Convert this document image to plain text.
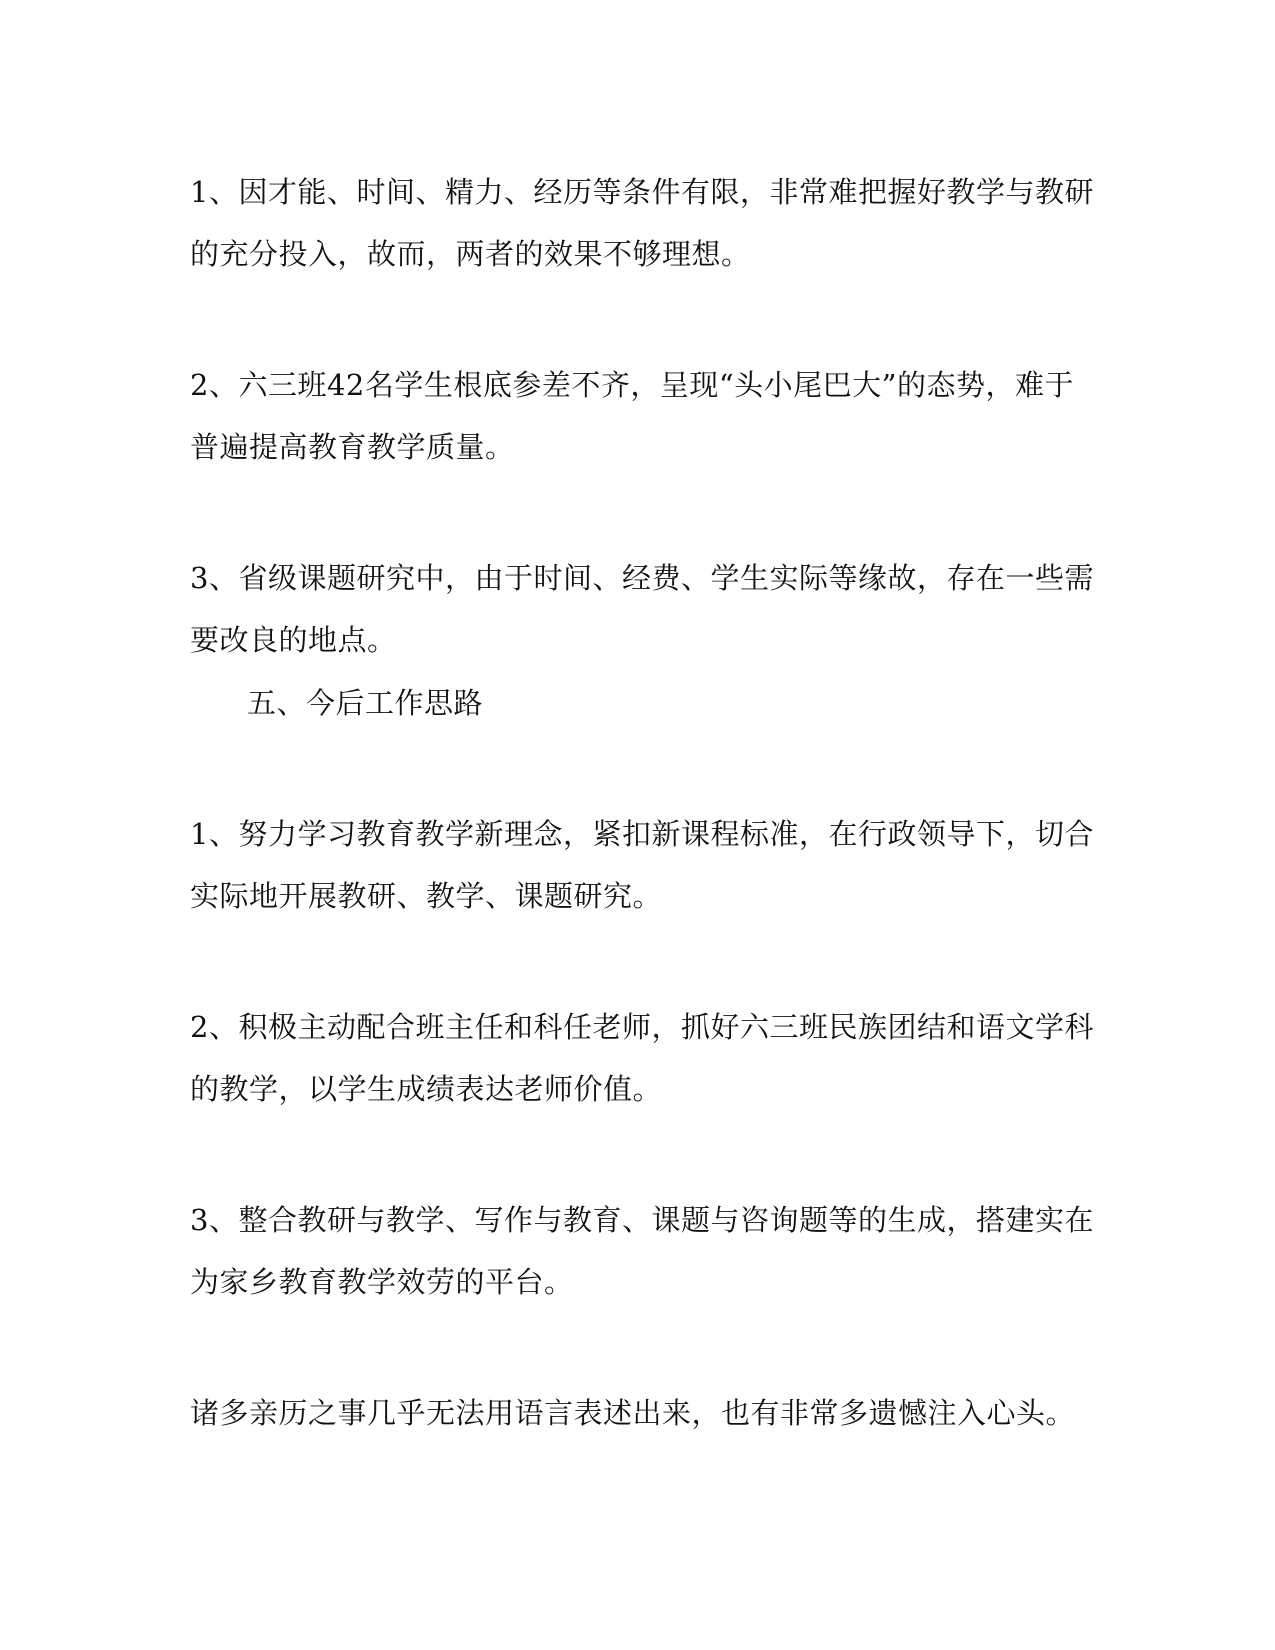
1、因才能、时间、精力、经历等条件有限，非常难把握好教学与教研
的充分投入，故而，两者的效果不够理想。
2、六三班42名学生根底参差不齐，呈现“头小尾巴大”的态势，难于
普遍提高教育教学质量。
3、省级课题研究中，由于时间、经费、学生实际等缘故，存在一些需
要改良的地点。
五、今后工作思路
1、努力学习教育教学新理念，紧扣新课程标准，在行政领导下，切合
实际地开展教研、教学、课题研究。
2、积极主动配合班主任和科任老师，抓好六三班民族团结和语文学科
的教学，以学生成绩表达老师价值。
3、整合教研与教学、写作与教育、课题与咨询题等的生成，搭建实在
为家乡教育教学效劳的平台。
诸多亲历之事几乎无法用语言表述出来，也有非常多遗憾注入心头。
